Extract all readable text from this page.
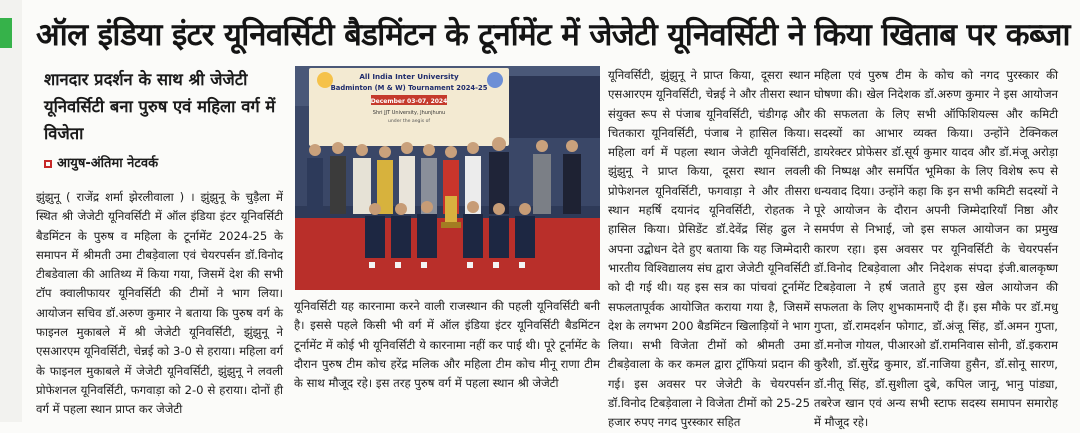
ऑल इंडिया इंटर यूनिवर्सिटी बैडमिंटन के टूर्नामेंट में जेजेटी यूनिवर्सिटी ने किया खिताब पर कब्जा
शानदार प्रदर्शन के साथ श्री जेजेटी यूनिवर्सिटी बना पुरुष एवं महिला वर्ग में विजेता
आयुष-अंतिमा नेटवर्क
All India Inter University
Badminton (M & W) Tournament 2024-25
December 03-07, 2024
Shri JJT University, Jhunjhunu
under the aegis of

झुंझुनू ( राजेंद्र शर्मा झेरलीवाला ) । झुंझुनू के चुड़ैला में स्थित श्री जेजेटी यूनिवर्सिटी में ऑल इंडिया इंटर यूनिवर्सिटी बैडमिंटन के पुरुष व महिला के टूर्नामेंट 2024-25 के समापन में श्रीमती उमा टीबड़ेवाला एवं चेयरपर्सन डॉ.विनोद टीबडेवाला की आतिथ्य में किया गया, जिसमें देश की सभी टॉप क्वालीफायर यूनिवर्सिटी की टीमों ने भाग लिया। आयोजन सचिव डॉ.अरुण कुमार ने बताया कि पुरुष वर्ग के फाइनल मुकाबले में श्री जेजेटी यूनिवर्सिटी, झुंझुनू ने एसआरएम यूनिवर्सिटी, चेन्नई को 3-0 से हराया। महिला वर्ग के फाइनल मुकाबले में जेजेटी यूनिवर्सिटी, झुंझुनू ने लवली प्रोफेशनल यूनिवर्सिटी, फगवाड़ा को 2-0 से हराया। दोनों ही वर्ग में पहला स्थान प्राप्त कर जेजेटी

यूनिवर्सिटी यह कारनामा करने वाली राजस्थान की पहली यूनिवर्सिटी बनी है। इससे पहले किसी भी वर्ग में ऑल इंडिया इंटर यूनिवर्सिटी बैडमिंटन टूर्नामेंट में कोई भी यूनिवर्सिटी ये कारनामा नहीं कर पाई थी। पूरे टूर्नामेंट के दौरान पुरुष टीम कोच हरेंद्र मलिक और महिला टीम कोच मीनू राणा टीम के साथ मौजूद रहे। इस तरह पुरुष वर्ग में पहला स्थान श्री जेजेटी

यूनिवर्सिटी, झुंझुनू ने प्राप्त किया, दूसरा स्थान एसआरएम यूनिवर्सिटी, चेन्नई ने और तीसरा स्थान संयुक्त रूप से पंजाब यूनिवर्सिटी, चंडीगढ़ और चितकारा यूनिवर्सिटी, पंजाब ने हासिल किया। महिला वर्ग में पहला स्थान जेजेटी यूनिवर्सिटी, झुंझुनू ने प्राप्त किया, दूसरा स्थान लवली प्रोफेशनल यूनिवर्सिटी, फगवाड़ा ने और तीसरा स्थान महर्षि दयानंद यूनिवर्सिटी, रोहतक ने हासिल किया। प्रेसिडेंट डॉ.देवेंद्र सिंह ढुल ने अपना उद्बोधन देते हुए बताया कि यह जिम्मेदारी भारतीय विश्विद्यालय संघ द्वारा जेजेटी यूनिवर्सिटी को दी गई थी। यह इस सत्र का पांचवां टूर्नामेंट सफलतापूर्वक आयोजित कराया गया है, जिसमें देश के लगभग 200 बैडमिंटन खिलाड़ियों ने भाग लिया। सभी विजेता टीमों को श्रीमती उमा टीबड़ेवाला के कर कमल द्वारा ट्रॉफियां प्रदान की गई। इस अवसर पर जेजेटी के चेयरपर्सन डॉ.विनोद टिबड़ेवाला ने विजेता टीमों को 25-25 हजार रुपए नगद पुरस्कार सहित

महिला एवं पुरुष टीम के कोच को नगद पुरस्कार की घोषणा की। खेल निदेशक डॉ.अरुण कुमार ने इस आयोजन की सफलता के लिए सभी ऑफिशियल्स और कमिटी सदस्यों का आभार व्यक्त किया। उन्होंने टेक्निकल डायरेक्टर प्रोफेसर डॉ.सूर्य कुमार यादव और डॉ.मंजू अरोड़ा की निष्पक्ष और समर्पित भूमिका के लिए विशेष रूप से धन्यवाद दिया। उन्होंने कहा कि इन सभी कमिटी सदस्यों ने पूरे आयोजन के दौरान अपनी जिम्मेदारियाँ निष्ठा और समर्पण से निभाई, जो इस सफल आयोजन का प्रमुख कारण रहा। इस अवसर पर यूनिवर्सिटी के चेयरपर्सन डॉ.विनोद टिबड़ेवाला और निदेशक संपदा इंजी.बालकृष्ण टिबड़ेवाला ने हर्ष जताते हुए इस खेल आयोजन की सफलता के लिए शुभकामनाएँ दी हैं। इस मौके पर डॉ.मधु गुप्ता, डॉ.रामदर्शन फोगाट, डॉ.अंजू सिंह, डॉ.अमन गुप्ता, डॉ.मनोज गोयल, पीआरओ डॉ.रामनिवास सोनी, डॉ.इकराम कुरैशी, डॉ.सुरेंद्र कुमार, डॉ.नाजिया हुसैन, डॉ.सोनू सारण, डॉ.नीतू सिंह, डॉ.सुशीला दुबे, कपिल जानू, भानु पांड्या, तबरेज खान एवं अन्य सभी स्टाफ सदस्य समापन समारोह में मौजूद रहे।
